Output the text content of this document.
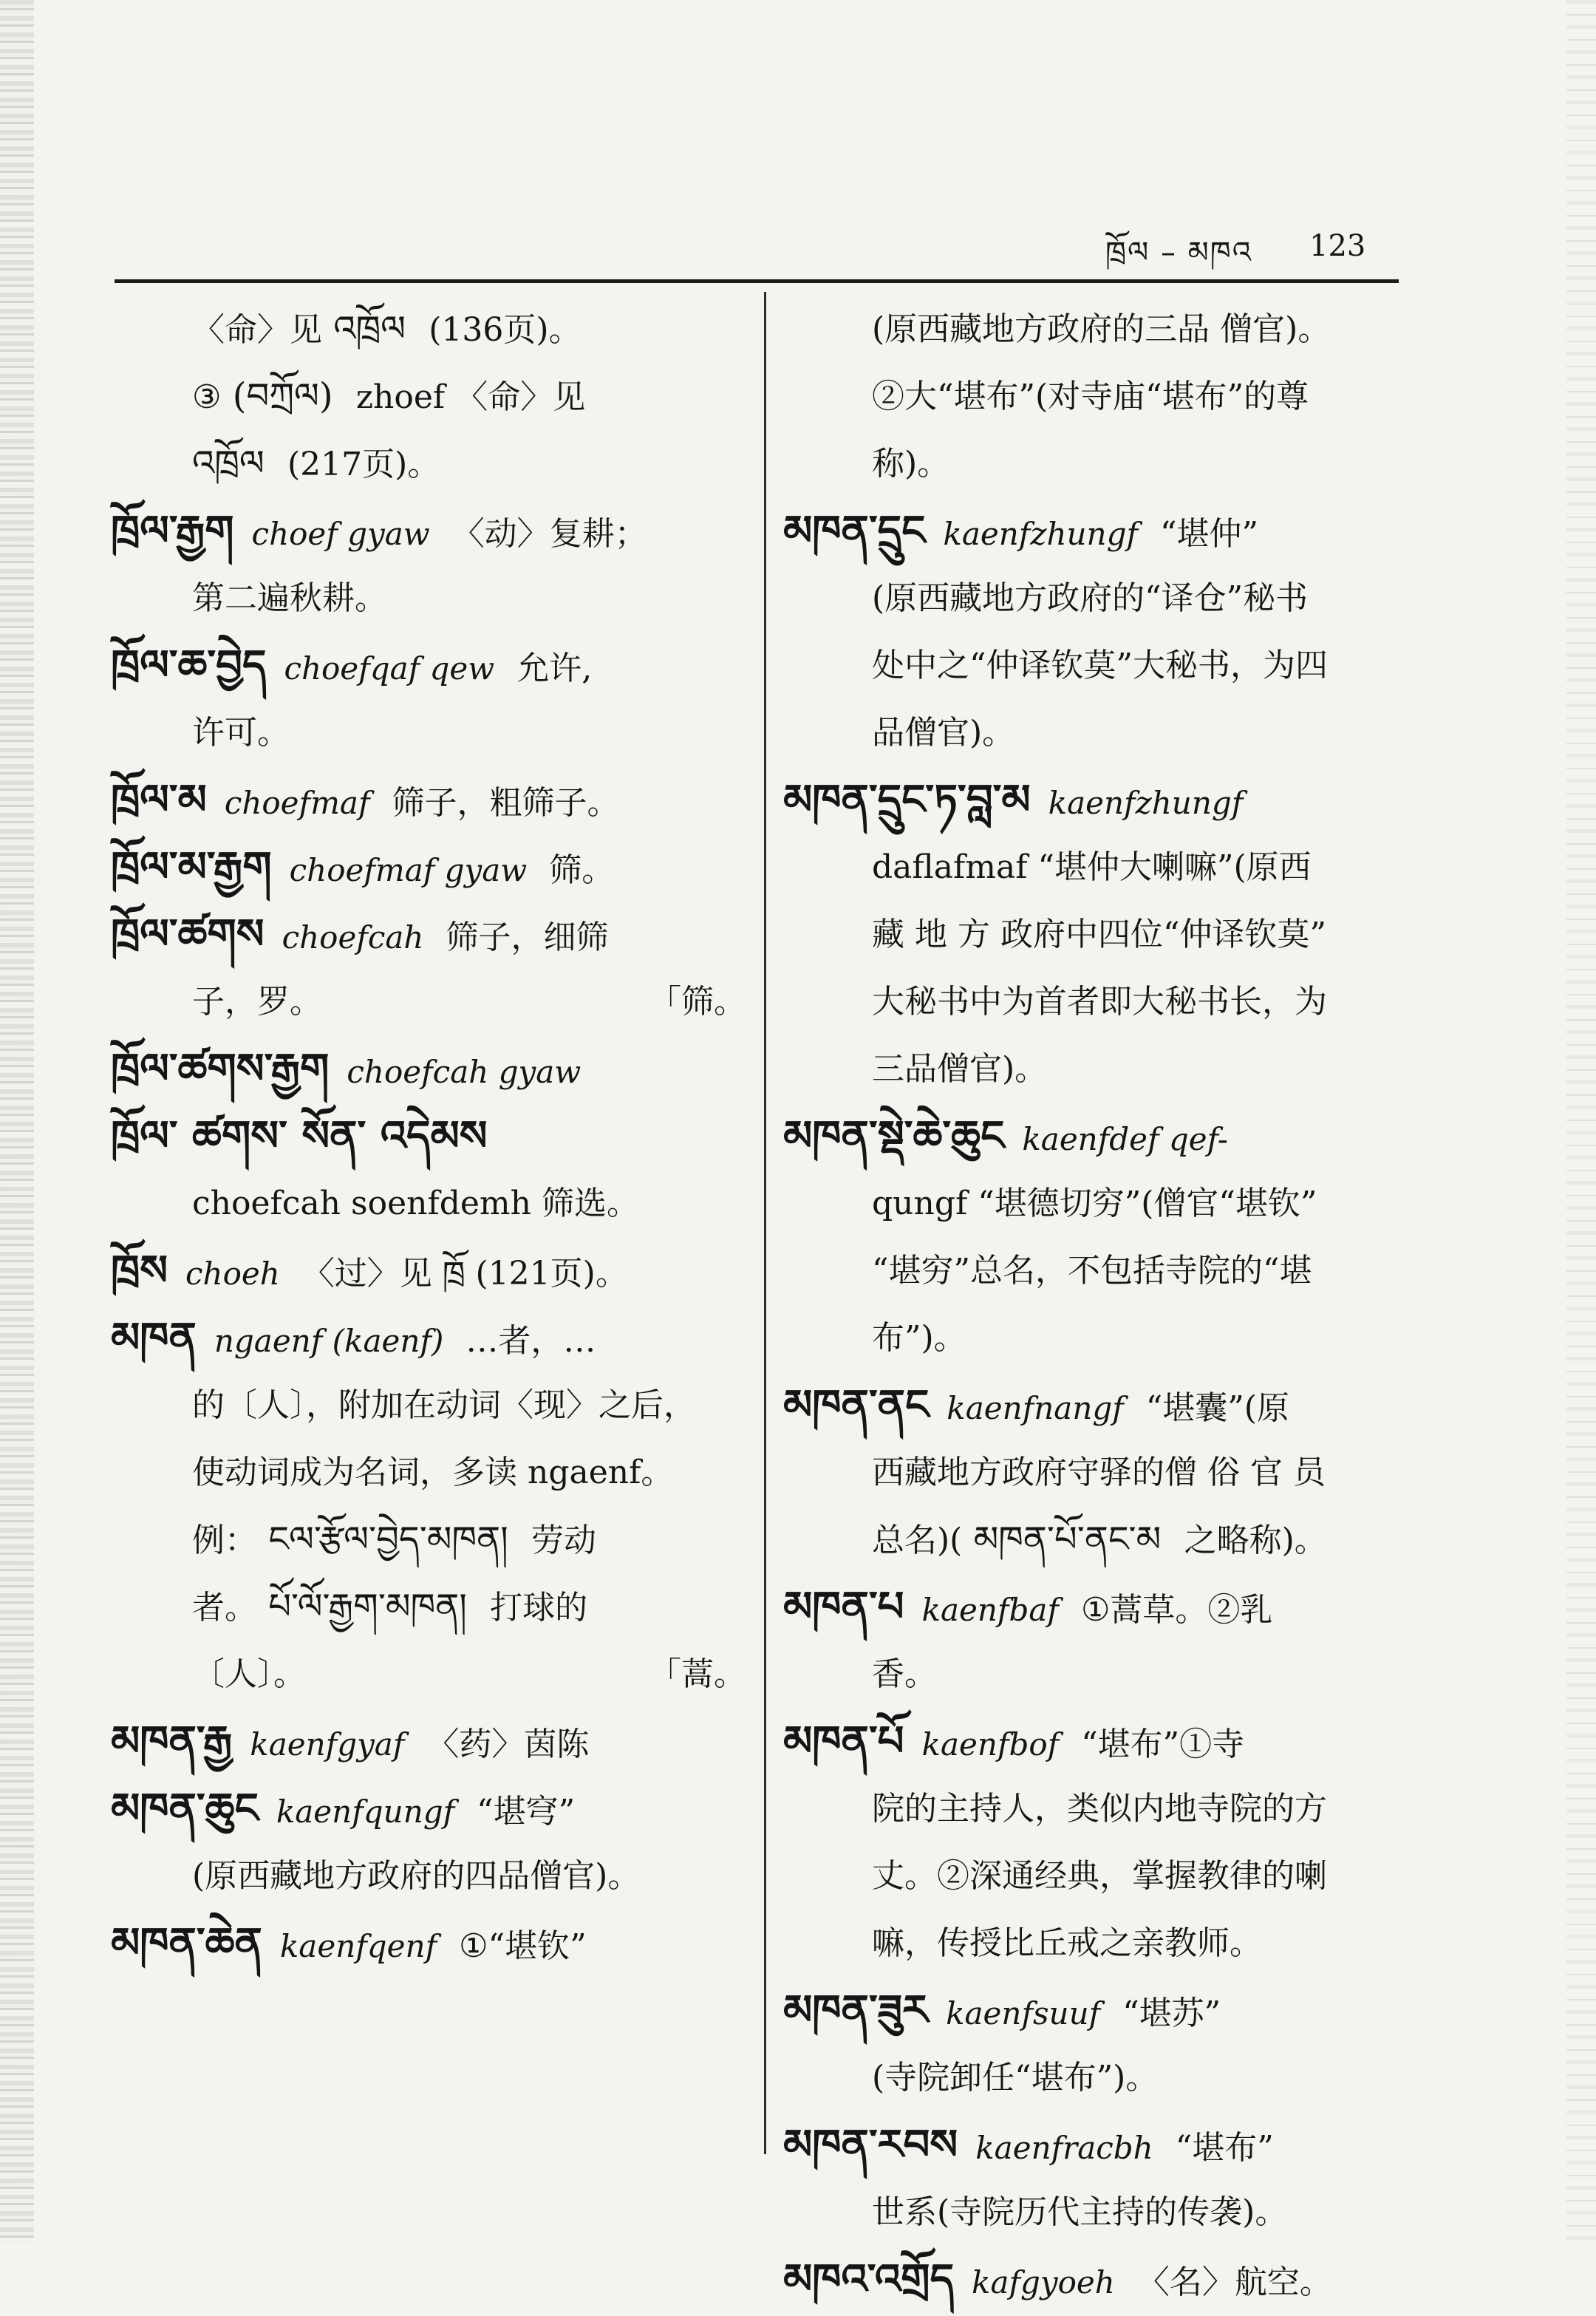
ཁྲོལ – མཁའ 123
〈命〉见 འཁྲོལ (136页)。
③ (བཀྲོལ) zhoef 〈命〉见
འཁྲོལ (217页)。
ཁྲོལ་རྒྱག choef gyaw 〈动〉复耕；
第二遍秋耕。
ཁྲོལ་ཆ་བྱེད choefqaf qew 允许,
许可。
ཁྲོལ་མ choefmaf 筛子，粗筛子。
ཁྲོལ་མ་རྒྱག choefmaf gyaw 筛。
ཁྲོལ་ཚགས choefcah 筛子，细筛
子，罗。	「筛。
ཁྲོལ་ཚགས་རྒྱག choefcah gyaw
ཁྲོལ་ ཚགས་ སོན་ འདེམས
choefcah soenfdemh 筛选。
ཁྲོས choeh 〈过〉见 ཁྲོ (121页)。
མཁན ngaenf (kaenf) …者，…
的〔人〕，附加在动词〈现〉之后，
使动词成为名词，多读 ngaenf。
例： ངལ་རྩོལ་བྱེད་མཁན། 劳动
者。 པོ་ལོ་རྒྱག་མཁན། 打球的
〔人〕。	「蒿。
མཁན་རྒྱ kaenfgyaf 〈药〉茵陈
མཁན་ཆུང kaenfqungf “堪穹”
(原西藏地方政府的四品僧官)。
མཁན་ཆེན kaenfqenf ①“堪钦”
(原西藏地方政府的三品 僧官)。
②大“堪布”(对寺庙“堪布”的尊
称)。
མཁན་དྲུང kaenfzhungf “堪仲”
(原西藏地方政府的“译仓”秘书
处中之“仲译钦莫”大秘书，为四
品僧官)。
མཁན་དྲུང་ཏ་བླ་མ kaenfzhungf
daflafmaf “堪仲大喇嘛”(原西
藏 地 方 政府中四位“仲译钦莫”
大秘书中为首者即大秘书长，为
三品僧官)。
མཁན་སྡེ་ཆེ་ཆུང kaenfdef qef-
qungf “堪德切穷”(僧官“堪钦”
“堪穷”总名，不包括寺院的“堪
布”)。
མཁན་ནང kaenfnangf “堪囊”(原
西藏地方政府守驿的僧 俗 官 员
总名)( མཁན་པོ་ནང་མ 之略称)。
མཁན་པ kaenfbaf ①蒿草。②乳
香。
མཁན་པོ kaenfbof “堪布”①寺
院的主持人，类似内地寺院的方
丈。②深通经典，掌握教律的喇
嘛，传授比丘戒之亲教师。
མཁན་ཟུར kaenfsuuf “堪苏”
(寺院卸任“堪布”)。
མཁན་རབས kaenfracbh “堪布”
世系(寺院历代主持的传袭)。
མཁའ་འགྲོད kafgyoeh 〈名〉航空。
